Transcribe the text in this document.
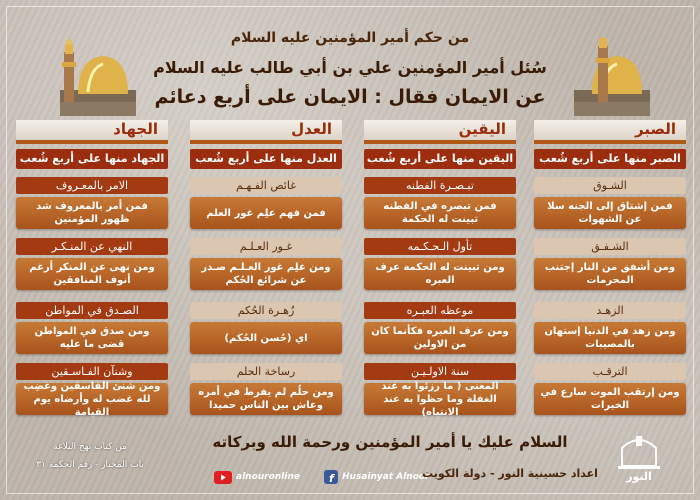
من حكم أمير المؤمنين عليه السلام
سُئل أمير المؤمنين علي بن أبي طالب عليه السلام
عن الايمان فقال : الايمان على أربع دعائم
الصبر
الصبر منها على أربع شُعب
الشـوق
فمن إشتاق إلى الجنه سلا عن الشهوات
الشـفـق
ومن أشفق من النار إجتنب المحرمات
الزهـد
ومن زهد في الدنيا إستهان بالمصيبات
الترقـب
ومن إرتقب الموت سارع في الخيرات
اليقين
اليقين منها على أربع شُعب
تبـصـرة الفطنه
فمن تبصره في الفطنه تبينت له الحكمة
تأول الـحـكـمه
ومن تبينت له الحكمه عرف العبره
موعظه العبـره
ومن عرف العبره فكأنما كان من الاولين
سنة الاولـيـن
المعنى ( ما رزئوا به عند الغفلة وما حظوا به عند الانتباه)
العدل
العدل منها على أربع شُعب
غائص الفـهـم
فمن فهم علِم غور العلم
غـور العـلـم
ومن علِم غور العـلـم صـدر عن شرائع الحُكم
زُهـرة الحُكم
اي (حُسن الحُكم)
رساخة الحلم
ومن حلُم لم يفرط في أمره وعاش بين الناس حميدا
الجهاد
الجهاد منها على أربع شُعب
الامر بالمعـروف
فمن أمر بالمعروف شد ظهور المؤمنين
النهي عن المنـكـر
ومن نهى عن المنكر أرغم أنوف المنافقين
الصـدق في المواطن
ومن صدق في المواطن قضى ما عليه
وشنآن الفـاسـقين
ومن شنئ الفاسقين وغضِب لله غضب له وأرضاه يوم القيامة
السلام عليك يا أمير المؤمنين ورحمة الله وبركاته
من كتاب نهج البلاغة
باب المختار - رقم الحكمة ٣١
alnouronline	f Husainyat Alnoor
اعداد حسينية النور - دولة الكويت	النور
